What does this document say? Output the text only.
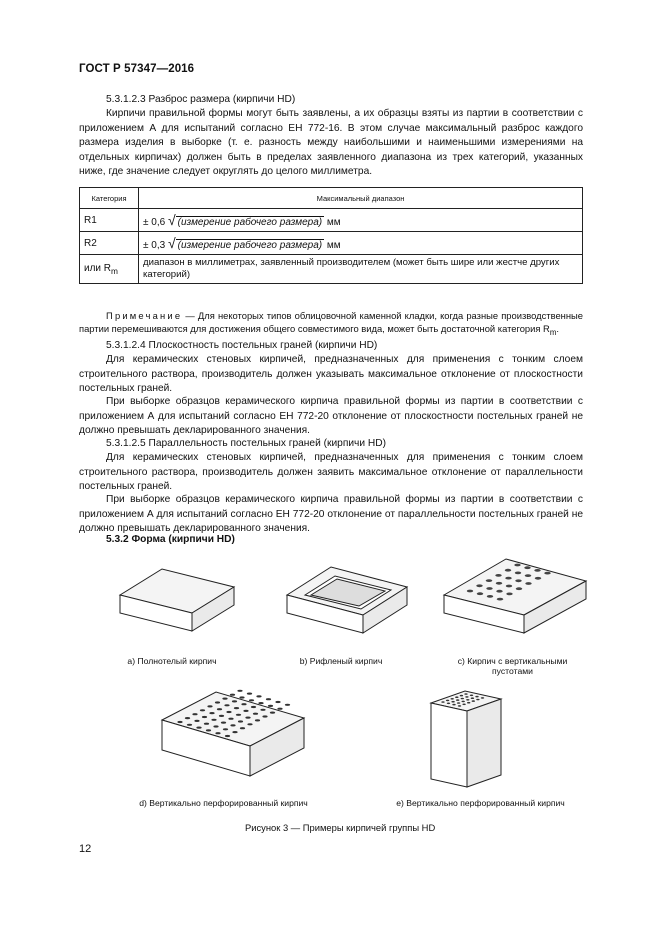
ГОСТ Р 57347—2016
5.3.1.2.3 Разброс размера (кирпичи HD)
Кирпичи правильной формы могут быть заявлены, а их образцы взяты из партии в соответствии с приложением А для испытаний согласно ЕН 772-16. В этом случае максимальный разброс каждого размера изделия в выборке (т. е. разность между наибольшими и наименьшими измерениями на отдельных кирпичах) должен быть в пределах заявленного диапазона из трех категорий, указанных ниже, где значение следует округлять до целого миллиметра.
Категория	Максимальный диапазон
R1	± 0,6 √ (измерение рабочего размера) мм
R2	± 0,3 √ (измерение рабочего размера) мм
или $R_m$	диапазон в миллиметрах, заявленный производителем (может быть шире или жестче других категорий)
Примечание — Для некоторых типов облицовочной каменной кладки, когда разные производственные партии перемешиваются для достижения общего совместимого вида, может быть достаточной категория $R_m$.
5.3.1.2.4 Плоскостность постельных граней (кирпичи HD)
Для керамических стеновых кирпичей, предназначенных для применения с тонким слоем строительного раствора, производитель должен указывать максимальное отклонение от плоскостности постельных граней.
При выборке образцов керамического кирпича правильной формы из партии в соответствии с приложением А для испытаний согласно ЕН 772-20 отклонение от плоскостности постельных граней не должно превышать декларированного значения.
5.3.1.2.5 Параллельность постельных граней (кирпичи HD)
Для керамических стеновых кирпичей, предназначенных для применения с тонким слоем строительного раствора, производитель должен заявить максимальное отклонение от параллельности постельных граней.
При выборке образцов керамического кирпича правильной формы из партии в соответствии с приложением А для испытаний согласно ЕН 772-20 отклонение от параллельности постельных граней не должно превышать декларированного значения.
5.3.2 Форма (кирпичи HD)
a) Полнотелый кирпич	b) Рифленый кирпич	c) Кирпич с вертикальными пустотами
d) Вертикально перфорированный кирпич	e) Вертикально перфорированный кирпич
Рисунок 3 — Примеры кирпичей группы HD
12
